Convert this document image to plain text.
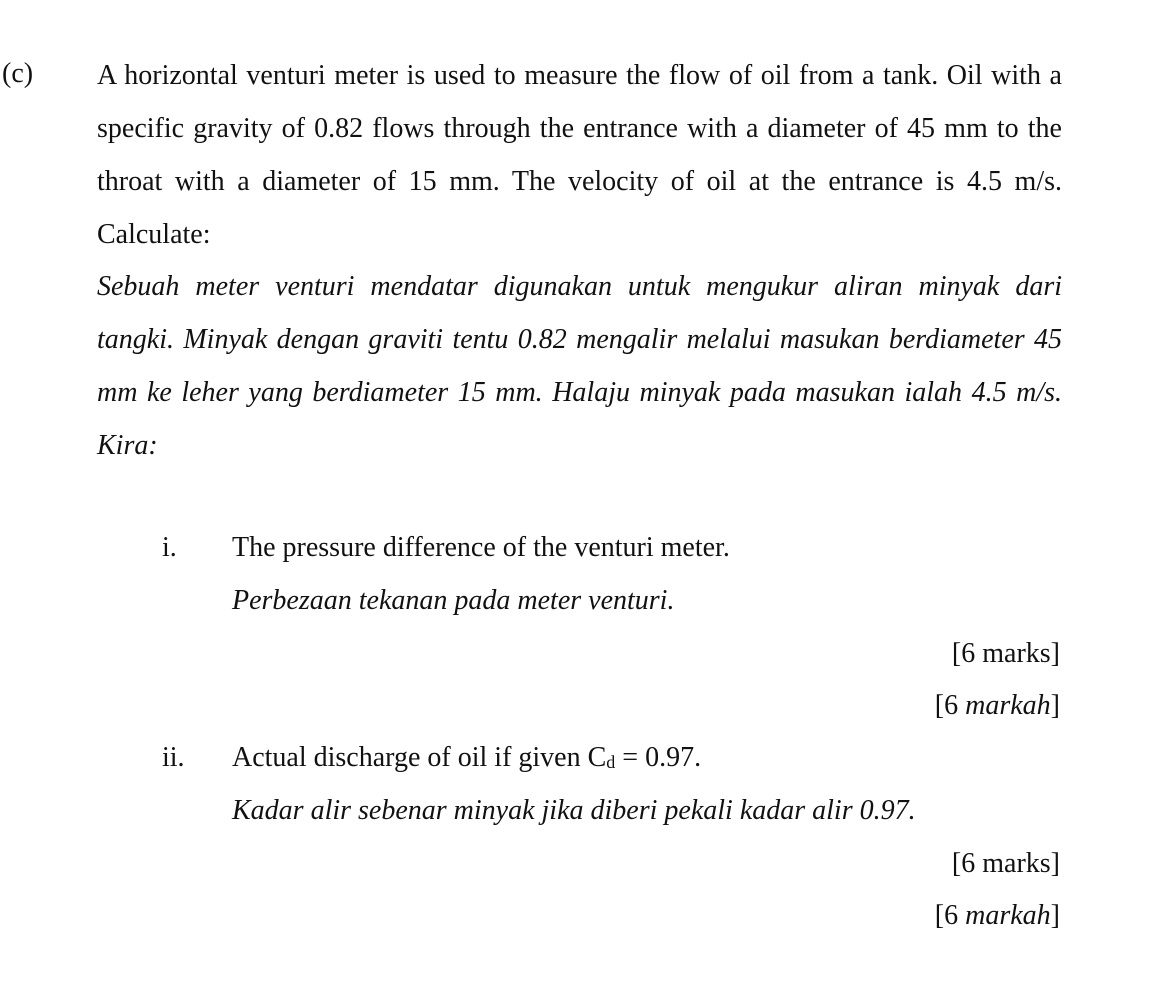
(c) A horizontal venturi meter is used to measure the flow of oil from a tank. Oil with a specific gravity of 0.82 flows through the entrance with a diameter of 45 mm to the throat with a diameter of 15 mm. The velocity of oil at the entrance is 4.5 m/s. Calculate:
Sebuah meter venturi mendatar digunakan untuk mengukur aliran minyak dari tangki. Minyak dengan graviti tentu 0.82 mengalir melalui masukan berdiameter 45 mm ke leher yang berdiameter 15 mm. Halaju minyak pada masukan ialah 4.5 m/s. Kira:
i. The pressure difference of the venturi meter.
Perbezaan tekanan pada meter venturi.
[6 marks]
[6 markah]
ii. Actual discharge of oil if given Cd = 0.97.
Kadar alir sebenar minyak jika diberi pekali kadar alir 0.97.
[6 marks]
[6 markah]
